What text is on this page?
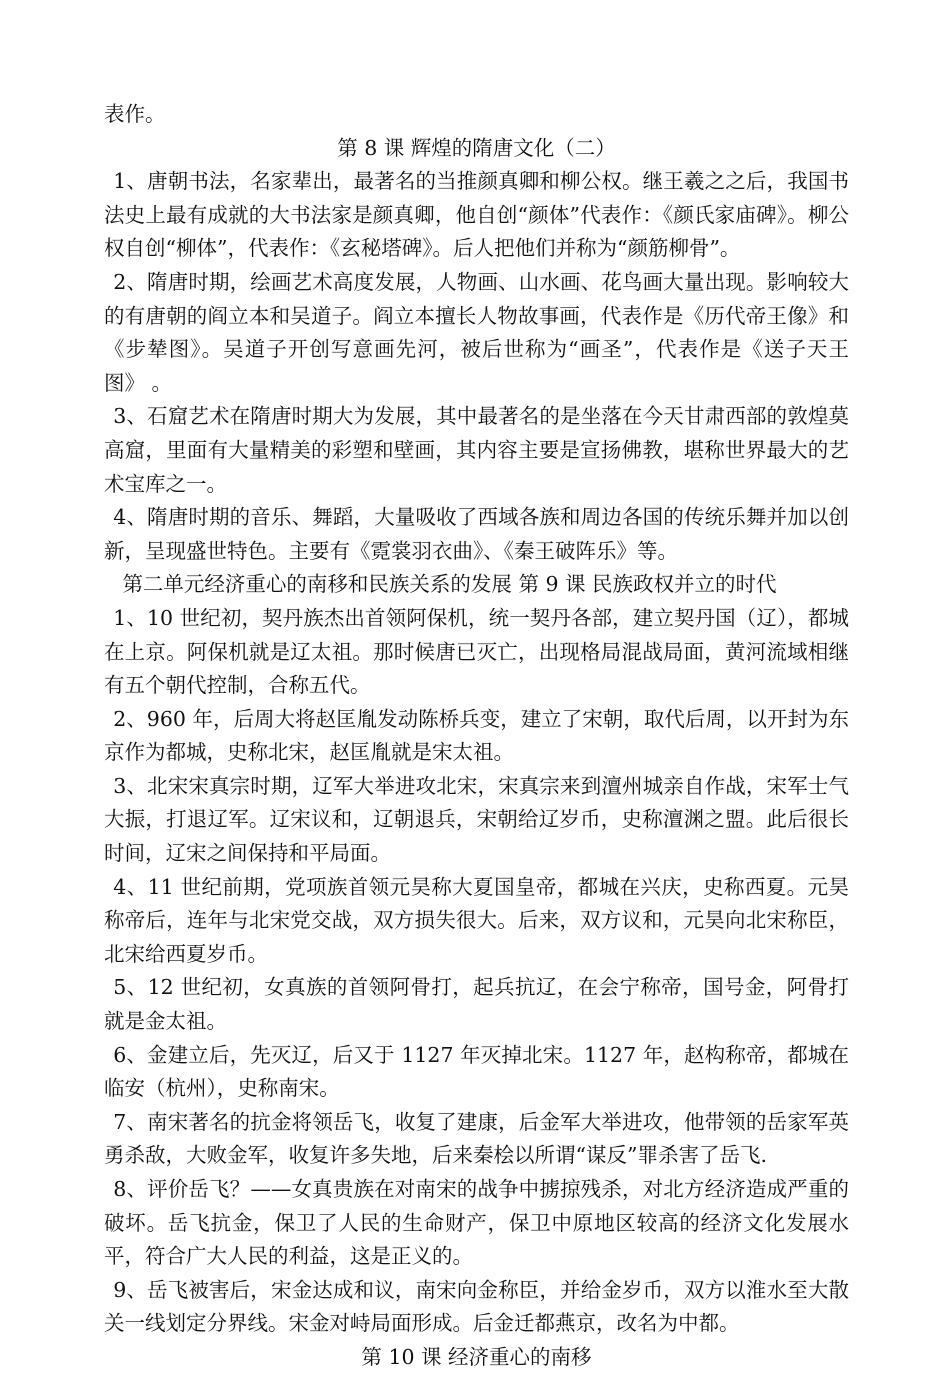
表作。

第 8 课 辉煌的隋唐文化（二）

1、唐朝书法，名家辈出，最著名的当推颜真卿和柳公权。继王羲之之后，我国书法史上最有成就的大书法家是颜真卿，他自创“颜体”代表作：《颜氏家庙碑》。柳公权自创“柳体”，代表作：《玄秘塔碑》。后人把他们并称为“颜筋柳骨”。

2、隋唐时期，绘画艺术高度发展，人物画、山水画、花鸟画大量出现。影响较大的有唐朝的阎立本和吴道子。阎立本擅长人物故事画，代表作是《历代帝王像》和《步辇图》。吴道子开创写意画先河，被后世称为“画圣”，代表作是《送子天王图》 。

3、石窟艺术在隋唐时期大为发展，其中最著名的是坐落在今天甘肃西部的敦煌莫高窟，里面有大量精美的彩塑和壁画，其内容主要是宣扬佛教，堪称世界最大的艺术宝库之一。

4、隋唐时期的音乐、舞蹈，大量吸收了西域各族和周边各国的传统乐舞并加以创新，呈现盛世特色。主要有《霓裳羽衣曲》、《秦王破阵乐》等。

第二单元经济重心的南移和民族关系的发展 第 9 课 民族政权并立的时代

1、10 世纪初，契丹族杰出首领阿保机，统一契丹各部，建立契丹国（辽），都城在上京。阿保机就是辽太祖。那时候唐已灭亡，出现格局混战局面，黄河流域相继有五个朝代控制，合称五代。

2、960 年，后周大将赵匡胤发动陈桥兵变，建立了宋朝，取代后周，以开封为东京作为都城，史称北宋，赵匡胤就是宋太祖。

3、北宋宋真宗时期，辽军大举进攻北宋，宋真宗来到澶州城亲自作战，宋军士气大振，打退辽军。辽宋议和，辽朝退兵，宋朝给辽岁币，史称澶渊之盟。此后很长时间，辽宋之间保持和平局面。

4、11 世纪前期，党项族首领元昊称大夏国皇帝，都城在兴庆，史称西夏。元昊称帝后，连年与北宋党交战，双方损失很大。后来，双方议和，元昊向北宋称臣，北宋给西夏岁币。

5、12 世纪初，女真族的首领阿骨打，起兵抗辽，在会宁称帝，国号金，阿骨打就是金太祖。

6、金建立后，先灭辽，后又于 1127 年灭掉北宋。1127 年，赵构称帝，都城在临安（杭州），史称南宋。

7、南宋著名的抗金将领岳飞，收复了建康，后金军大举进攻，他带领的岳家军英勇杀敌，大败金军，收复许多失地，后来秦桧以所谓“谋反”罪杀害了岳飞.

8、评价岳飞？——女真贵族在对南宋的战争中掳掠残杀，对北方经济造成严重的破坏。岳飞抗金，保卫了人民的生命财产，保卫中原地区较高的经济文化发展水平，符合广大人民的利益，这是正义的。

9、岳飞被害后，宋金达成和议，南宋向金称臣，并给金岁币，双方以淮水至大散关一线划定分界线。宋金对峙局面形成。后金迁都燕京，改名为中都。

第 10 课 经济重心的南移
